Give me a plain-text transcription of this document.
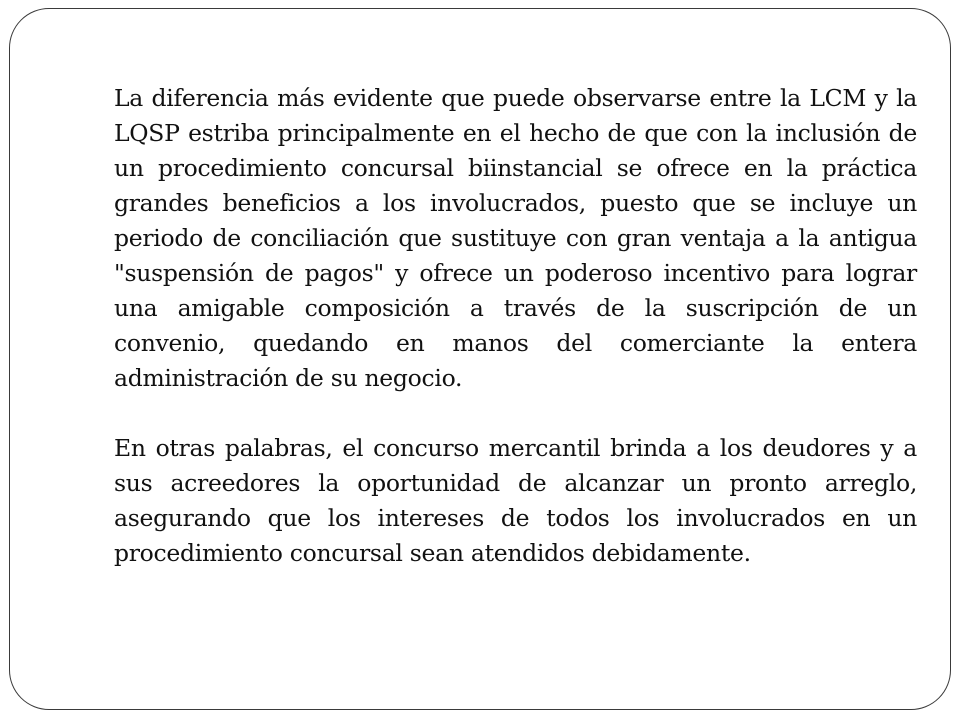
La diferencia más evidente que puede observarse entre la LCM y la LQSP estriba principalmente en el hecho de que con la inclusión de un procedimiento concursal biinstancial se ofrece en la práctica grandes beneficios a los involucrados, puesto que se incluye un periodo de conciliación que sustituye con gran ventaja a la antigua "suspensión de pagos" y ofrece un poderoso incentivo para lograr una amigable composición a través de la suscripción de un convenio, quedando en manos del comerciante la entera administración de su negocio.

En otras palabras, el concurso mercantil brinda a los deudores y a sus acreedores la oportunidad de alcanzar un pronto arreglo, asegurando que los intereses de todos los involucrados en un procedimiento concursal sean atendidos debidamente.
